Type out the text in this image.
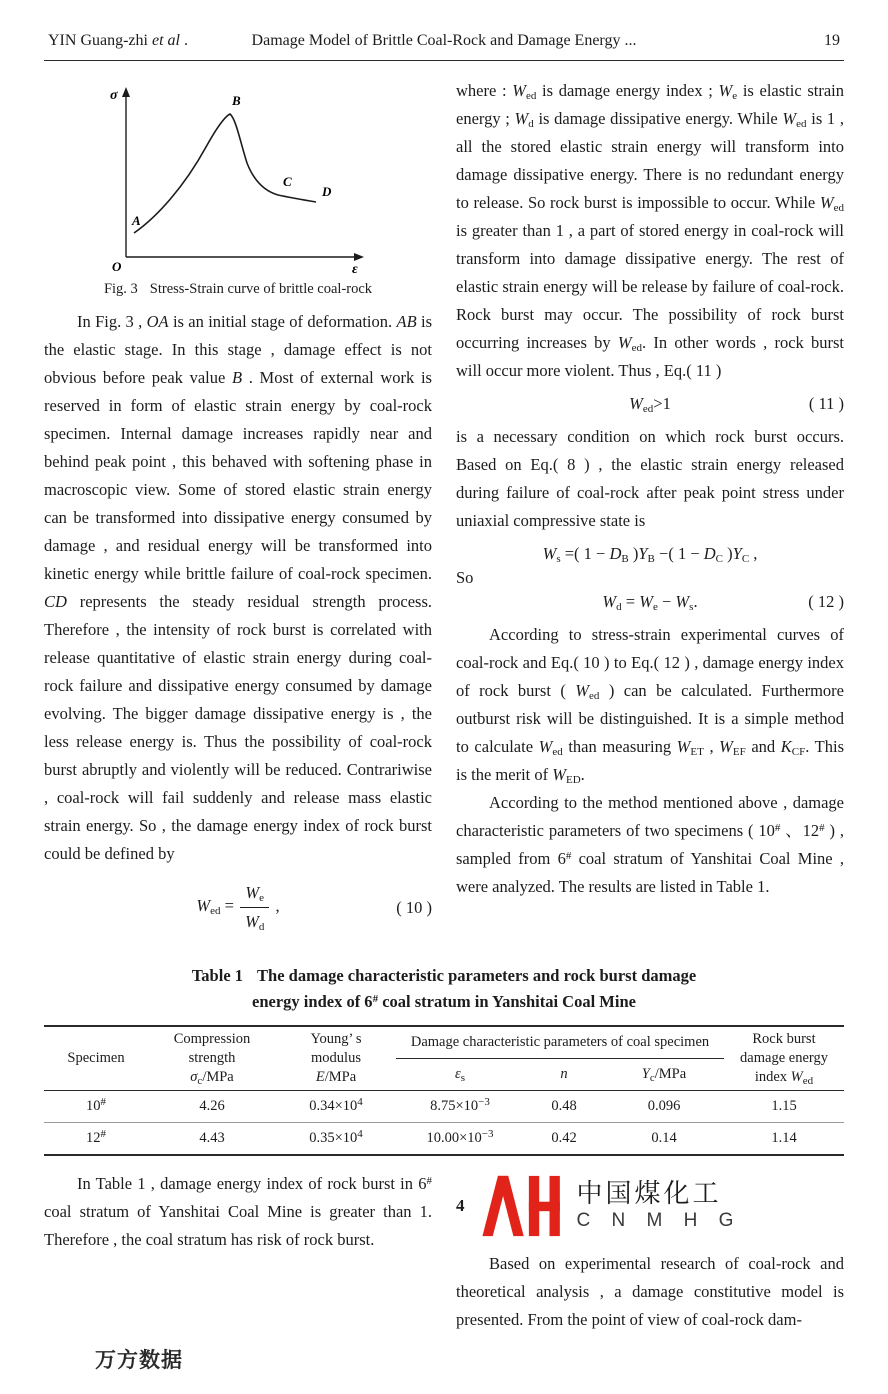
YIN Guang-zhi et al .	Damage Model of Brittle Coal-Rock and Damage Energy ...	19
σ
ε
O
A
B
C
D
Fig. 3 Stress-Strain curve of brittle coal-rock

In Fig. 3 , OA is an initial stage of deformation. AB is the elastic stage. In this stage , damage effect is not obvious before peak value B . Most of external work is reserved in form of elastic strain energy by coal-rock specimen. Internal damage increases rapidly near and behind peak point , this behaved with softening phase in macroscopic view. Some of stored elastic strain energy can be transformed into dissipative energy consumed by damage , and residual energy will be transformed into kinetic energy while brittle failure of coal-rock specimen. CD represents the steady residual strength process. Therefore , the intensity of rock burst is correlated with release quantitative of elastic strain energy during coal-rock failure and dissipative energy consumed by damage evolving. The bigger damage dissipative energy is , the less release energy is. Thus the possibility of coal-rock burst abruptly and violently will be reduced. Contrariwise , coal-rock will fail suddenly and release mass elastic strain energy. So , the damage energy index of rock burst could be defined by

$W_{ed} = \frac{W_e}{W_d}$ ,	( 10 )

where : $W_{ed}$ is damage energy index ; $W_e$ is elastic strain energy ; $W_d$ is damage dissipative energy. While $W_{ed}$ is 1 , all the stored elastic strain energy will transform into damage dissipative energy. There is no redundant energy to release. So rock burst is impossible to occur. While $W_{ed}$ is greater than 1 , a part of stored energy in coal-rock will transform into damage dissipative energy. The rest of elastic strain energy will be release by failure of coal-rock. Rock burst may occur. The possibility of rock burst occurring increases by $W_{ed}$. In other words , rock burst will occur more violent. Thus , Eq.( 11 )

$W_{ed}>1$	( 11 )

is a necessary condition on which rock burst occurs. Based on Eq.( 8 ) , the elastic strain energy released during failure of coal-rock after peak point stress under uniaxial compressive state is

$W_s$ =( $1 - D_B$ )$Y_B$ −( $1 - D_C$ )$Y_C$ ,

So

$W_d = W_e - W_s$.	( 12 )

According to stress-strain experimental curves of coal-rock and Eq.( 10 ) to Eq.( 12 ) , damage energy index of rock burst ( $W_{ed}$ ) can be calculated. Furthermore outburst risk will be distinguished. It is a simple method to calculate $W_{ed}$ than measuring $W_{ET}$ , $W_{EF}$ and $K_{CF}$. This is the merit of $W_{ED}$.

According to the method mentioned above , damage characteristic parameters of two specimens ( 10# 、12# ) , sampled from 6# coal stratum of Yanshitai Coal Mine , were analyzed. The results are listed in Table 1.

Table 1 The damage characteristic parameters and rock burst damage
energy index of 6# coal stratum in Yanshitai Coal Mine
Specimen	Compression
strength
$\sigma_c$/MPa	Young’ s
modulus
E/MPa	Damage characteristic parameters of coal specimen			Rock burst
damage energy
index $W_{ed}$
			$\varepsilon_s$	n	$Y_c$/MPa	
10#	4.26	$0.34\times 10^4$	$8.75\times 10^{-3}$	0.48	0.096	1.15
12#	4.43	$0.35\times 10^4$	$10.00\times 10^{-3}$	0.42	0.14	1.14

In Table 1 , damage energy index of rock burst in 6# coal stratum of Yanshitai Coal Mine is greater than 1. Therefore , the coal stratum has risk of rock burst.

4	中国煤化工
C N M H G

Based on experimental research of coal-rock and theoretical analysis , a damage constitutive model is presented. From the point of view of coal-rock dam-

万方数据
